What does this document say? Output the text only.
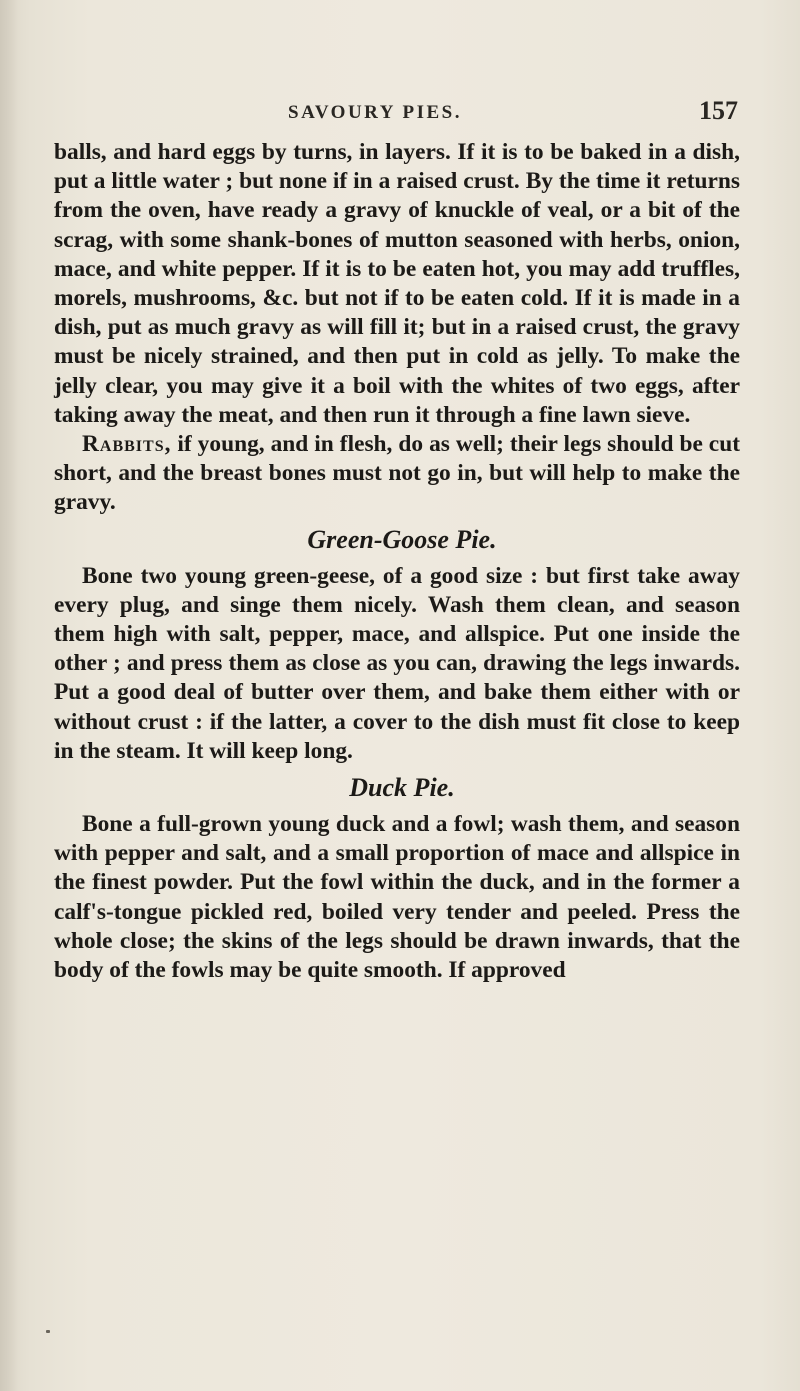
SAVOURY PIES.	157

balls, and hard eggs by turns, in layers. If it is to be baked in a dish, put a little water ; but none if in a raised crust. By the time it returns from the oven, have ready a gravy of knuckle of veal, or a bit of the scrag, with some shank-bones of mutton seasoned with herbs, onion, mace, and white pepper. If it is to be eaten hot, you may add truffles, morels, mushrooms, &c. but not if to be eaten cold. If it is made in a dish, put as much gravy as will fill it; but in a raised crust, the gravy must be nicely strained, and then put in cold as jelly. To make the jelly clear, you may give it a boil with the whites of two eggs, after taking away the meat, and then run it through a fine lawn sieve.

Rabbits, if young, and in flesh, do as well; their legs should be cut short, and the breast bones must not go in, but will help to make the gravy.

Green-Goose Pie.

Bone two young green-geese, of a good size : but first take away every plug, and singe them nicely. Wash them clean, and season them high with salt, pepper, mace, and allspice. Put one inside the other ; and press them as close as you can, drawing the legs inwards. Put a good deal of butter over them, and bake them either with or without crust : if the latter, a cover to the dish must fit close to keep in the steam. It will keep long.

Duck Pie.

Bone a full-grown young duck and a fowl; wash them, and season with pepper and salt, and a small proportion of mace and allspice in the finest powder. Put the fowl within the duck, and in the former a calf's-tongue pickled red, boiled very tender and peeled. Press the whole close; the skins of the legs should be drawn inwards, that the body of the fowls may be quite smooth. If approved
